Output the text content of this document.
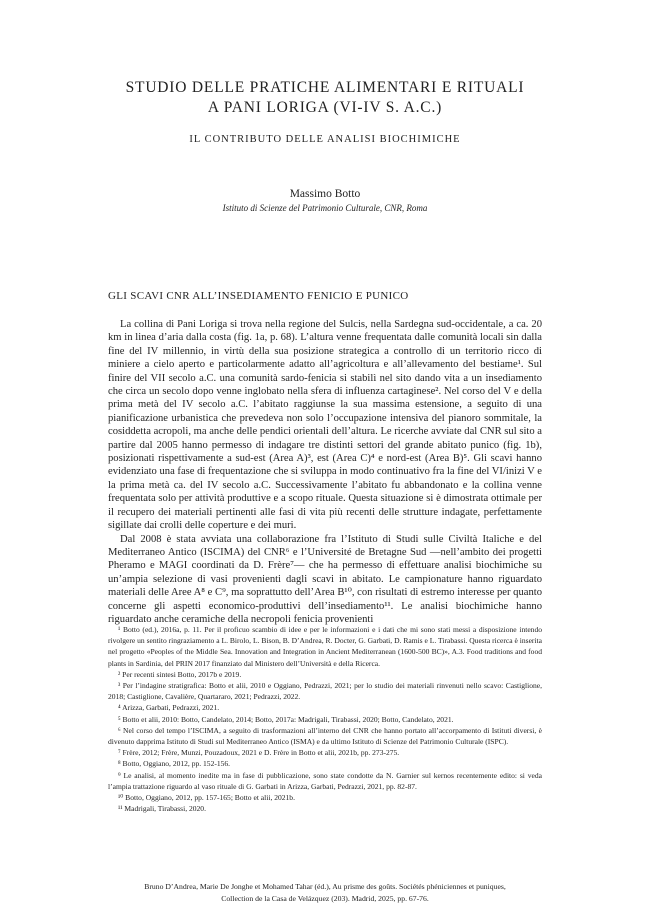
STUDIO DELLE PRATICHE ALIMENTARI E RITUALI
A PANI LORIGA (VI-IV S. A.C.)
IL CONTRIBUTO DELLE ANALISI BIOCHIMICHE
Massimo Botto
Istituto di Scienze del Patrimonio Culturale, CNR, Roma
GLI SCAVI CNR ALL’INSEDIAMENTO FENICIO E PUNICO

La collina di Pani Loriga si trova nella regione del Sulcis, nella Sardegna sud-occidentale, a ca. 20 km in linea d’aria dalla costa (fig. 1a, p. 68). L’altura venne frequentata dalle comunità locali sin dalla fine del IV millennio, in virtù della sua posizione strategica a controllo di un territorio ricco di miniere a cielo aperto e particolarmente adatto all’agricoltura e all’allevamento del bestiame¹. Sul finire del VII secolo a.C. una comunità sardo-fenicia si stabilì nel sito dando vita a un insediamento che circa un secolo dopo venne inglobato nella sfera di influenza cartaginese². Nel corso del V e della prima metà del IV secolo a.C. l’abitato raggiunse la sua massima estensione, a seguito di una pianificazione urbanistica che prevedeva non solo l’occupazione intensiva del pianoro sommitale, la cosiddetta acropoli, ma anche delle pendici orientali dell’altura. Le ricerche avviate dal CNR sul sito a partire dal 2005 hanno permesso di indagare tre distinti settori del grande abitato punico (fig. 1b), posizionati rispettivamente a sud-est (Area A)³, est (Area C)⁴ e nord-est (Area B)⁵. Gli scavi hanno evidenziato una fase di frequentazione che si sviluppa in modo continuativo fra la fine del VI/inizi V e la prima metà ca. del IV secolo a.C. Successivamente l’abitato fu abbandonato e la collina venne frequentata solo per attività produttive e a scopo rituale. Questa situazione si è dimostrata ottimale per il recupero dei materiali pertinenti alle fasi di vita più recenti delle strutture indagate, perfettamente sigillate dai crolli delle coperture e dei muri.

Dal 2008 è stata avviata una collaborazione fra l’Istituto di Studi sulle Civiltà Italiche e del Mediterraneo Antico (ISCIMA) del CNR⁶ e l’Université de Bretagne Sud —nell’ambito dei progetti Pheramo e MAGI coordinati da D. Frère⁷— che ha permesso di effettuare analisi biochimiche su un’ampia selezione di vasi provenienti dagli scavi in abitato. Le campionature hanno riguardato materiali delle Aree A⁸ e C⁹, ma soprattutto dell’Area B¹⁰, con risultati di estremo interesse per quanto concerne gli aspetti economico-produttivi dell’insediamento¹¹. Le analisi biochimiche hanno riguardato anche ceramiche della necropoli fenicia provenienti

¹ Botto (ed.), 2016a, p. 11. Per il proficuo scambio di idee e per le informazioni e i dati che mi sono stati messi a disposizione intendo rivolgere un sentito ringraziamento a L. Birolo, L. Bison, B. D’Andrea, R. Docter, G. Garbati, D. Ramis e L. Tirabassi. Questa ricerca è inserita nel progetto «Peoples of the Middle Sea. Innovation and Integration in Ancient Mediterranean (1600-500 BC)», A.3. Food traditions and food plants in Sardinia, del PRIN 2017 finanziato dal Ministero dell’Università e della Ricerca.

² Per recenti sintesi Botto, 2017b e 2019.

³ Per l’indagine stratigrafica: Botto et alii, 2010 e Oggiano, Pedrazzi, 2021; per lo studio dei materiali rinvenuti nello scavo: Castiglione, 2018; Castiglione, Cavalière, Quartararo, 2021; Pedrazzi, 2022.

⁴ Arizza, Garbati, Pedrazzi, 2021.

⁵ Botto et alii, 2010: Botto, Candelato, 2014; Botto, 2017a: Madrigali, Tirabassi, 2020; Botto, Candelato, 2021.

⁶ Nel corso del tempo l’ISCIMA, a seguito di trasformazioni all’interno del CNR che hanno portato all’accorpamento di Istituti diversi, è divenuto dapprima Istituto di Studi sul Mediterraneo Antico (ISMA) e da ultimo Istituto di Scienze del Patrimonio Culturale (ISPC).

⁷ Frère, 2012; Frère, Munzi, Pouzadoux, 2021 e D. Frère in Botto et alii, 2021b, pp. 273-275.

⁸ Botto, Oggiano, 2012, pp. 152-156.

⁹ Le analisi, al momento inedite ma in fase di pubblicazione, sono state condotte da N. Garnier sul kernos recentemente edito: si veda l’ampia trattazione riguardo al vaso rituale di G. Garbati in Arizza, Garbati, Pedrazzi, 2021, pp. 82-87.

¹⁰ Botto, Oggiano, 2012, pp. 157-165; Botto et alii, 2021b.

¹¹ Madrigali, Tirabassi, 2020.

Bruno D’Andrea, Marie De Jonghe et Mohamed Tahar (éd.), Au prisme des goûts. Sociétés phéniciennes et puniques,
Collection de la Casa de Velázquez (203). Madrid, 2025, pp. 67-76.
